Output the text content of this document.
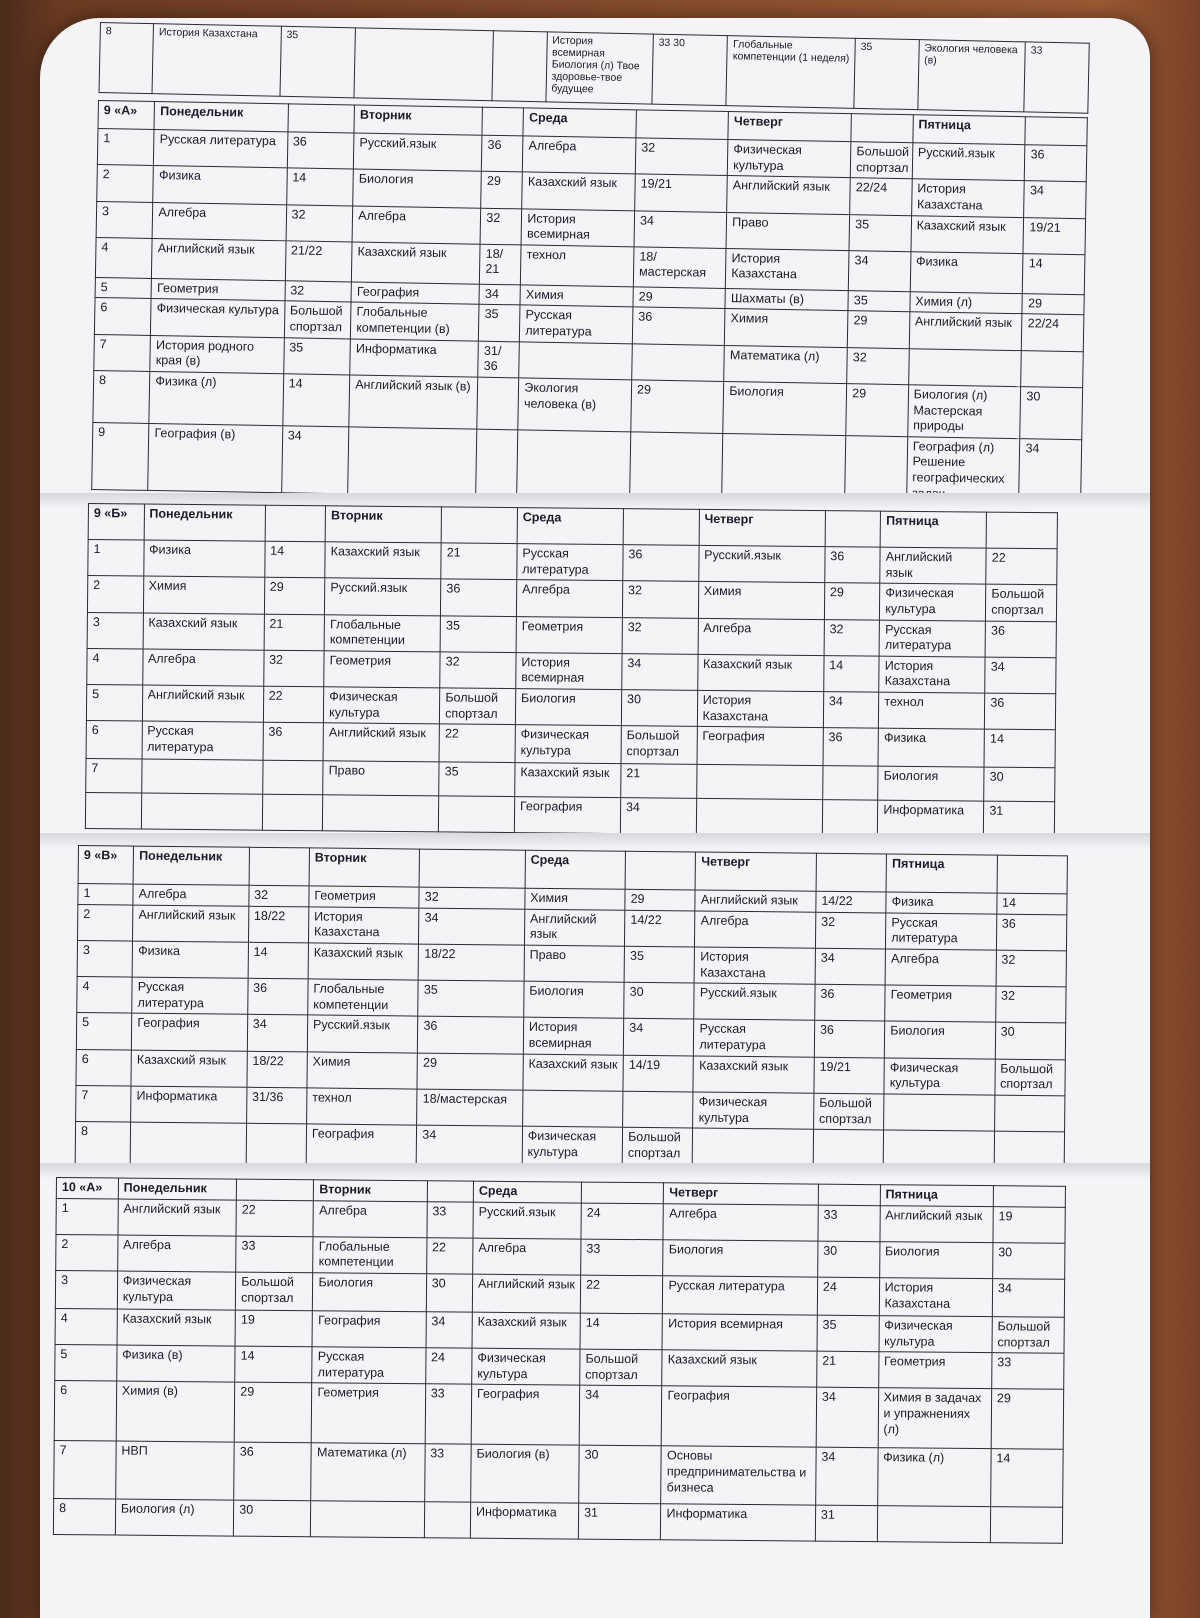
8	История Казахстана	35			История всемирная Биология (л) Твое здоровье-твое будущее	33 30	Глобальные компетенции (1 неделя)	35	Экология человека (в)	33
9 «А»	Понедельник		Вторник		Среда		Четверг		Пятница	
1	Русская литература	36	Русский.язык	36	Алгебра	32	Физическая культура	Большой спортзал	Русский.язык	36
2	Физика	14	Биология	29	Казахский язык	19/21	Английский язык	22/24	История Казахстана	34
3	Алгебра	32	Алгебра	32	История всемирная	34	Право	35	Казахский язык	19/21
4	Английский язык	21/22	Казахский язык	18/ 21	технол	18/мастерская	История Казахстана	34	Физика	14
5	Геометрия	32	География	34	Химия	29	Шахматы (в)	35	Химия (л)	29
6	Физическая культура	Большой спортзал	Глобальные компетенции (в)	35	Русская литература	36	Химия	29	Английский язык	22/24
7	История родного края (в)	35	Информатика	31/ 36			Математика (л)	32		
8	Физика (л)	14	Английский язык (в)		Экология человека (в)	29	Биология	29	Биология (л) Мастерская природы	30
9	География (в)	34							География (л) Решение географических	34
9 «Б»	Понедельник		Вторник		Среда		Четверг		Пятница	
1	Физика	14	Казахский язык	21	Русская литература	36	Русский.язык	36	Английский язык	22
2	Химия	29	Русский.язык	36	Алгебра	32	Химия	29	Физическая культура	Большой спортзал
3	Казахский язык	21	Глобальные компетенции	35	Геометрия	32	Алгебра	32	Русская литература	36
4	Алгебра	32	Геометрия	32	История всемирная	34	Казахский язык	14	История Казахстана	34
5	Английский язык	22	Физическая культура	Большой спортзал	Биология	30	История Казахстана	34	технол	36
6	Русская литература	36	Английский язык	22	Физическая культура	Большой спортзал	География	36	Физика	14
7			Право	35	Казахский язык	21			Биология	30
					География	34			Информатика	31
9 «В»	Понедельник		Вторник		Среда		Четверг		Пятница	
1	Алгебра	32	Геометрия	32	Химия	29	Английский язык	14/22	Физика	14
2	Английский язык	18/22	История Казахстана	34	Английский язык	14/22	Алгебра	32	Русская литература	36
3	Физика	14	Казахский язык	18/22	Право	35	История Казахстана	34	Алгебра	32
4	Русская литература	36	Глобальные компетенции	35	Биология	30	Русский.язык	36	Геометрия	32
5	География	34	Русский.язык	36	История всемирная	34	Русская литература	36	Биология	30
6	Казахский язык	18/22	Химия	29	Казахский язык	14/19	Казахский язык	19/21	Физическая культура	Большой спортзал
7	Информатика	31/36	технол	18/мастерская			Физическая культура	Большой спортзал		
8			География	34	Физическая культура	Большой спортзал				
10 «А»	Понедельник		Вторник		Среда		Четверг		Пятница	
1	Английский язык	22	Алгебра	33	Русский.язык	24	Алгебра	33	Английский язык	19
2	Алгебра	33	Глобальные компетенции	22	Алгебра	33	Биология	30	Биология	30
3	Физическая культура	Большой спортзал	Биология	30	Английский язык	22	Русская литература	24	История Казахстана	34
4	Казахский язык	19	География	34	Казахский язык	14	История всемирная	35	Физическая культура	Большой спортзал
5	Физика (в)	14	Русская литература	24	Физическая культура	Большой спортзал	Казахский язык	21	Геометрия	33
6	Химия (в)	29	Геометрия	33	География	34	География	34	Химия в задачах и упражнениях (л)	29
7	НВП	36	Математика (л)	33	Биология (в)	30	Основы предпринимательства и бизнеса	34	Физика (л)	14
8	Биология (л)	30			Информатика	31	Информатика	31		
